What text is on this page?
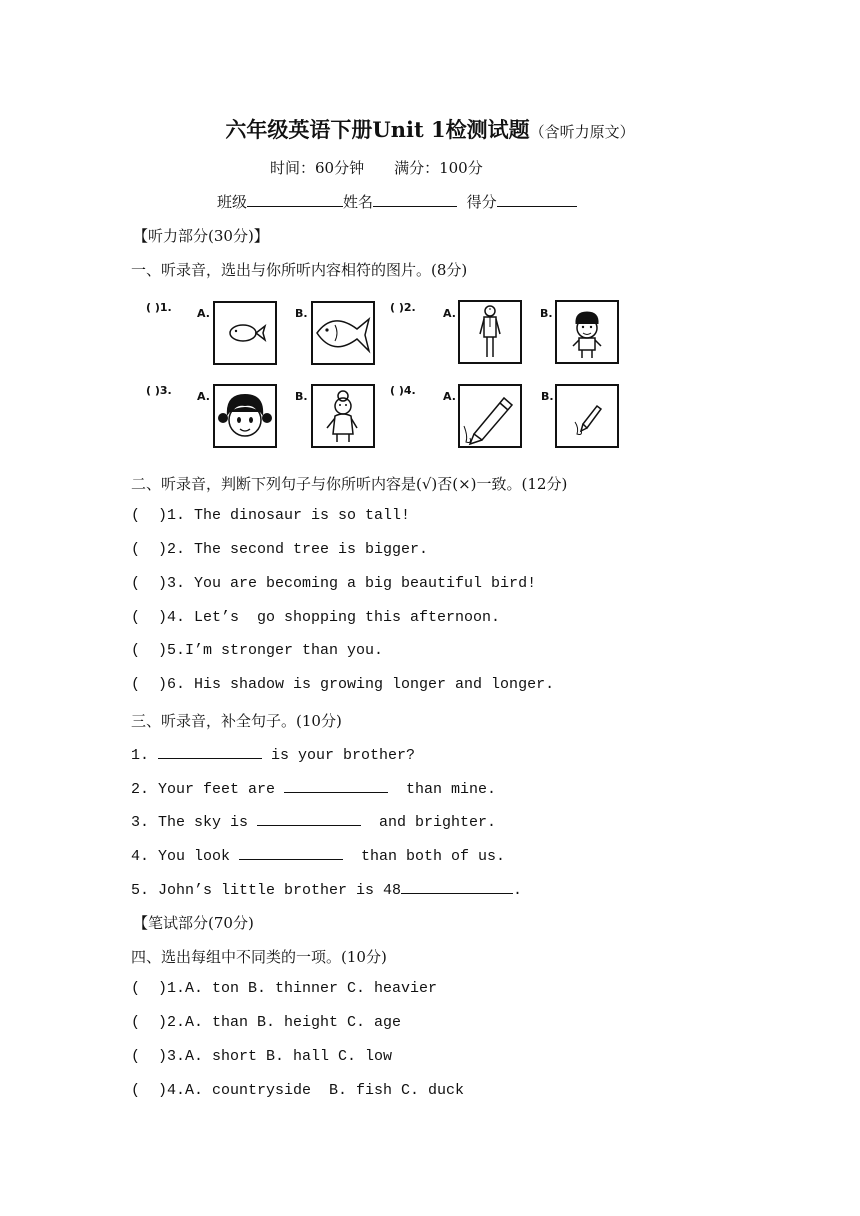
六年级英语下册Unit 1检测试题（含听力原文）
时间：60分钟　　满分：100分
班级	姓名	得分
【听力部分(30分)】
一、听录音，选出与你所听内容相符的图片。(8分)
( )1. A.	B.	( )2. A.	B.
( )3. A.	B.	( )4.	B.
A.
二、听录音，判断下列句子与你所听内容是(√)否(×)一致。(12分)
(  )1. The dinosaur is so tall!
(  )2. The second tree is bigger.
(  )3. You are becoming a big beautiful bird!
(  )4. Let’s  go shopping this afternoon.
(  )5.I’m stronger than you.
(  )6. His shadow is growing longer and longer.
三、听录音，补全句子。(10分)
1.	is your brother?
2. Your feet are	than mine.
3. The sky is	and brighter.
4. You look	than both of us.
5. John’s little brother is 48	.
【笔试部分(70分)
四、选出每组中不同类的一项。(10分)
(  )1.A. ton B. thinner C. heavier
(  )2.A. than B. height C. age
(  )3.A. short B. hall C. low
(  )4.A. countryside  B. fish C. duck
